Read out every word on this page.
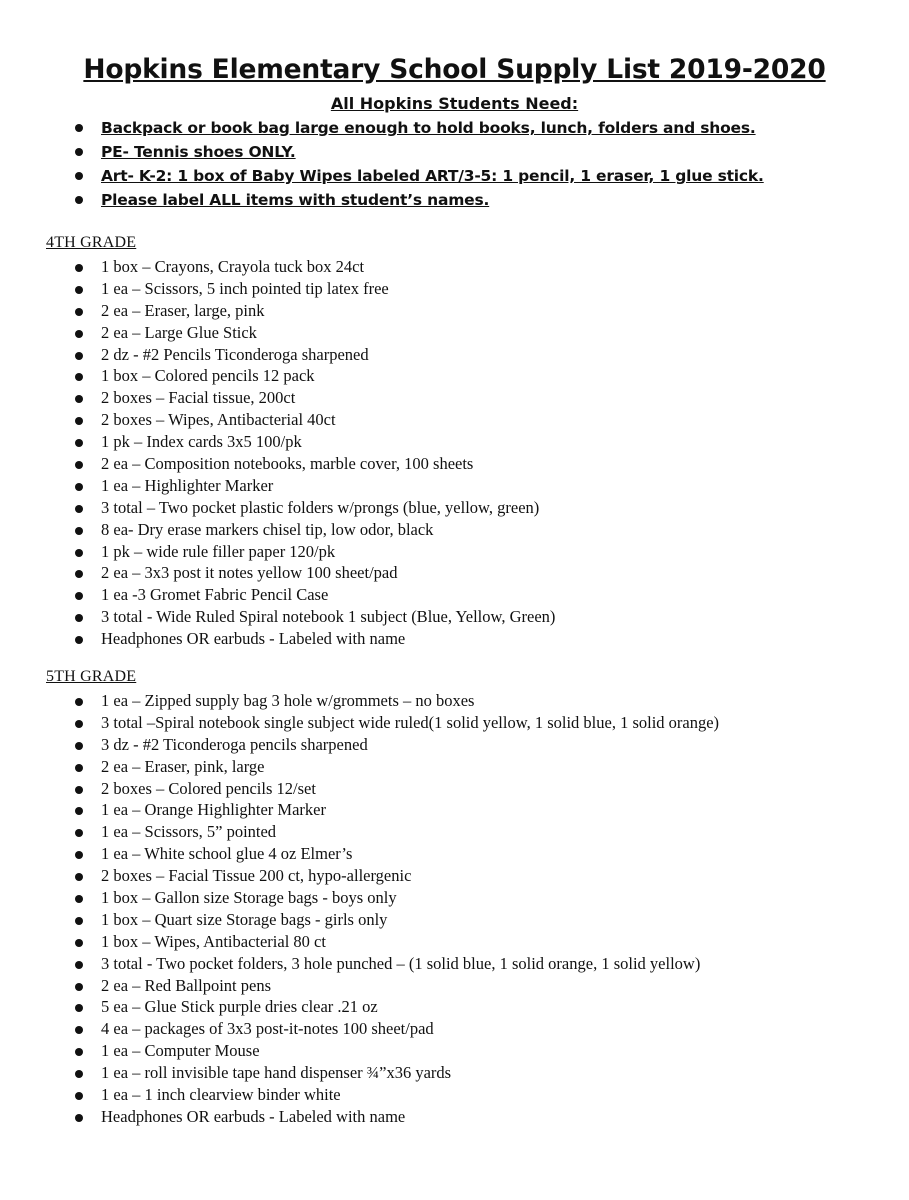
Hopkins Elementary School Supply List 2019-2020
All Hopkins Students Need:
Backpack or book bag large enough to hold books, lunch, folders and shoes.
PE- Tennis shoes ONLY.
Art- K-2: 1 box of Baby Wipes labeled ART/3-5: 1 pencil, 1 eraser, 1 glue stick.
Please label ALL items with student’s names.
4TH GRADE
1 box – Crayons, Crayola tuck box 24ct
1 ea – Scissors, 5 inch pointed tip latex free
2 ea – Eraser, large, pink
2 ea – Large Glue Stick
2 dz - #2 Pencils Ticonderoga sharpened
1 box – Colored pencils 12 pack
2 boxes – Facial tissue, 200ct
2 boxes – Wipes, Antibacterial 40ct
1 pk – Index cards 3x5 100/pk
2 ea – Composition notebooks, marble cover, 100 sheets
1 ea – Highlighter Marker
3 total – Two pocket plastic folders w/prongs (blue, yellow, green)
8 ea- Dry erase markers chisel tip, low odor, black
1 pk – wide rule filler paper 120/pk
2 ea – 3x3 post it notes yellow 100 sheet/pad
1 ea -3 Gromet Fabric Pencil Case
3 total - Wide Ruled Spiral notebook 1 subject (Blue, Yellow, Green)
Headphones OR earbuds - Labeled with name
5TH GRADE
1 ea – Zipped supply bag 3 hole w/grommets – no boxes
3 total –Spiral notebook single subject wide ruled(1 solid yellow, 1 solid blue, 1 solid orange)
3 dz - #2 Ticonderoga pencils sharpened
2 ea – Eraser, pink, large
2 boxes – Colored pencils 12/set
1 ea – Orange Highlighter Marker
1 ea – Scissors, 5” pointed
1 ea – White school glue 4 oz Elmer’s
2 boxes – Facial Tissue 200 ct, hypo-allergenic
1 box – Gallon size Storage bags - boys only
1 box – Quart size Storage bags - girls only
1 box – Wipes, Antibacterial 80 ct
3 total - Two pocket folders, 3 hole punched – (1 solid blue, 1 solid orange, 1 solid yellow)
2 ea – Red Ballpoint pens
5 ea – Glue Stick purple dries clear .21 oz
4 ea – packages of 3x3 post-it-notes 100 sheet/pad
1 ea – Computer Mouse
1 ea – roll invisible tape hand dispenser ¾”x36 yards
1 ea – 1 inch clearview binder white
Headphones OR earbuds - Labeled with name
